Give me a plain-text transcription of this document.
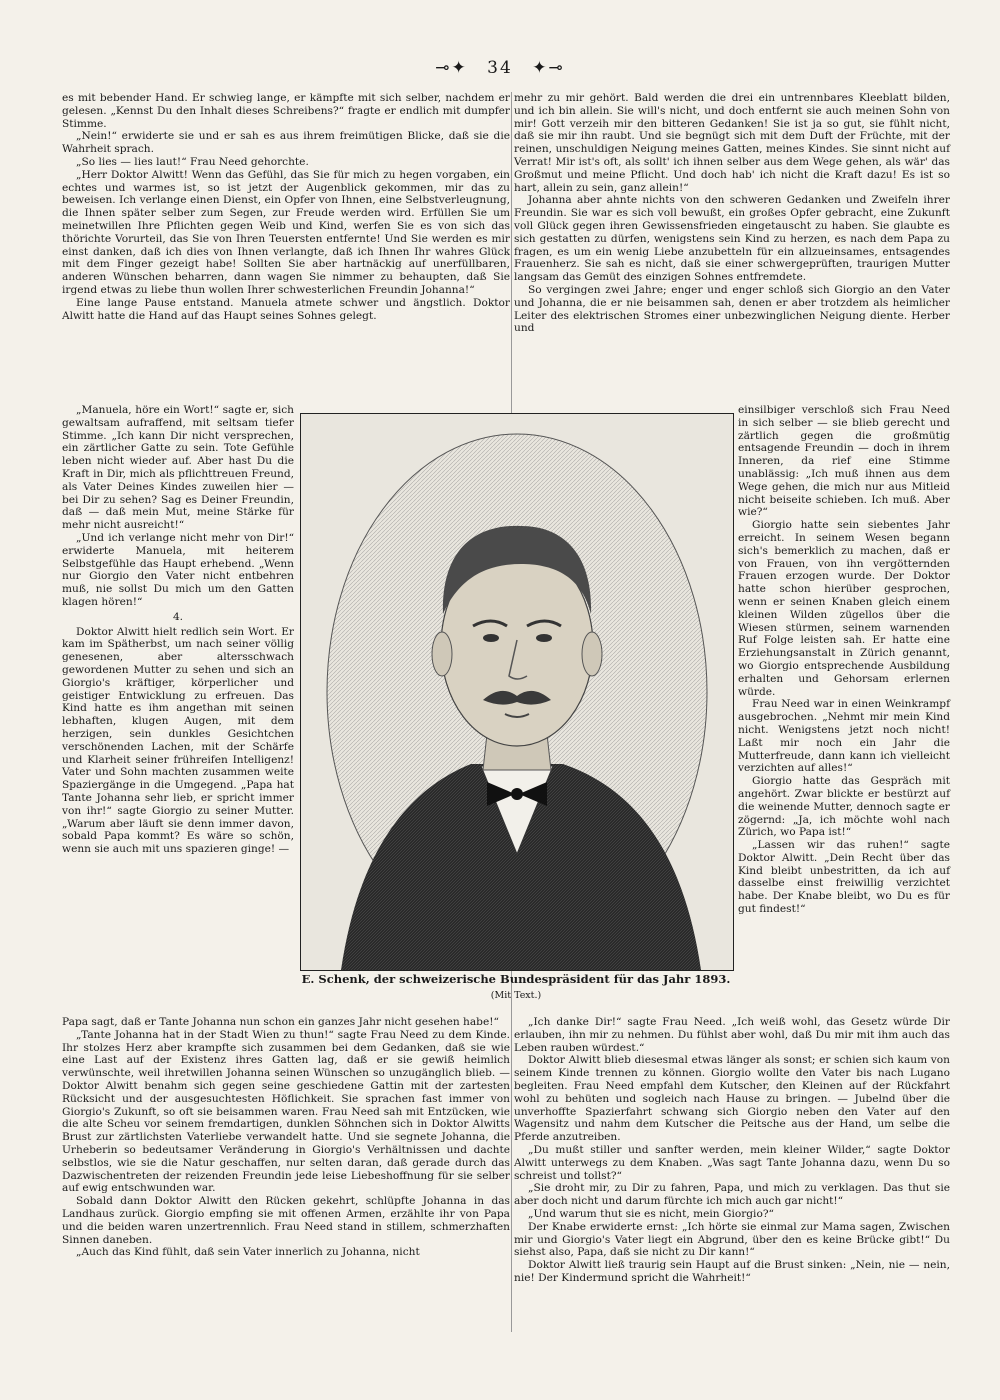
⊸✦ 34 ✦⊸

es mit bebender Hand. Er schwieg lange, er kämpfte mit sich selber, nachdem er gelesen. „Kennst Du den Inhalt dieses Schreibens?“ fragte er endlich mit dumpfer Stimme.

„Nein!“ erwiderte sie und er sah es aus ihrem freimütigen Blicke, daß sie die Wahrheit sprach.

„So lies — lies laut!“ Frau Need gehorchte.

„Herr Doktor Alwitt! Wenn das Gefühl, das Sie für mich zu hegen vorgaben, ein echtes und warmes ist, so ist jetzt der Augenblick gekommen, mir das zu beweisen. Ich verlange einen Dienst, ein Opfer von Ihnen, eine Selbstverleugnung, die Ihnen später selber zum Segen, zur Freude werden wird. Erfüllen Sie um meinetwillen Ihre Pflichten gegen Weib und Kind, werfen Sie es von sich das thörichte Vorurteil, das Sie von Ihren Teuersten entfernte! Und Sie werden es mir einst danken, daß ich dies von Ihnen verlangte, daß ich Ihnen Ihr wahres Glück mit dem Finger gezeigt habe! Sollten Sie aber hartnäckig auf unerfüllbaren, anderen Wünschen beharren, dann wagen Sie nimmer zu behaupten, daß Sie irgend etwas zu liebe thun wollen Ihrer schwesterlichen Freundin Johanna!“

Eine lange Pause entstand. Manuela atmete schwer und ängstlich. Doktor Alwitt hatte die Hand auf das Haupt seines Sohnes gelegt.

„Manuela, höre ein Wort!“ sagte er, sich gewaltsam aufraffend, mit seltsam tiefer Stimme. „Ich kann Dir nicht versprechen, ein zärtlicher Gatte zu sein. Tote Gefühle leben nicht wieder auf. Aber hast Du die Kraft in Dir, mich als pflichttreuen Freund, als Vater Deines Kindes zuweilen hier — bei Dir zu sehen? Sag es Deiner Freundin, daß — daß mein Mut, meine Stärke für mehr nicht ausreicht!“

„Und ich verlange nicht mehr von Dir!“ erwiderte Manuela, mit heiterem Selbstgefühle das Haupt erhebend. „Wenn nur Giorgio den Vater nicht entbehren muß, nie sollst Du mich um den Gatten klagen hören!“

4.

Doktor Alwitt hielt redlich sein Wort. Er kam im Spätherbst, um nach seiner völlig genesenen, aber altersschwach gewordenen Mutter zu sehen und sich an Giorgio's kräftiger, körperlicher und geistiger Entwicklung zu erfreuen. Das Kind hatte es ihm angethan mit seinen lebhaften, klugen Augen, mit dem herzigen, sein dunkles Gesichtchen verschönenden Lachen, mit der Schärfe und Klarheit seiner frühreifen Intelligenz! Vater und Sohn machten zusammen weite Spaziergänge in die Umgegend. „Papa hat Tante Johanna sehr lieb, er spricht immer von ihr!“ sagte Giorgio zu seiner Mutter. „Warum aber läuft sie denn immer davon, sobald Papa kommt? Es wäre so schön, wenn sie auch mit uns spazieren ginge! —

Papa sagt, daß er Tante Johanna nun schon ein ganzes Jahr nicht gesehen habe!“

„Tante Johanna hat in der Stadt Wien zu thun!“ sagte Frau Need zu dem Kinde. Ihr stolzes Herz aber krampfte sich zusammen bei dem Gedanken, daß sie wie eine Last auf der Existenz ihres Gatten lag, daß er sie gewiß heimlich verwünschte, weil ihretwillen Johanna seinen Wünschen so unzugänglich blieb. — Doktor Alwitt benahm sich gegen seine geschiedene Gattin mit der zartesten Rücksicht und der ausgesuchtesten Höflichkeit. Sie sprachen fast immer von Giorgio's Zukunft, so oft sie beisammen waren. Frau Need sah mit Entzücken, wie die alte Scheu vor seinem fremdartigen, dunklen Söhnchen sich in Doktor Alwitts Brust zur zärtlichsten Vaterliebe verwandelt hatte. Und sie segnete Johanna, die Urheberin so bedeutsamer Veränderung in Giorgio's Verhältnissen und dachte selbstlos, wie sie die Natur geschaffen, nur selten daran, daß gerade durch das Dazwischentreten der reizenden Freundin jede leise Liebeshoffnung für sie selber auf ewig entschwunden war.

Sobald dann Doktor Alwitt den Rücken gekehrt, schlüpfte Johanna in das Landhaus zurück. Giorgio empfing sie mit offenen Armen, erzählte ihr von Papa und die beiden waren unzertrennlich. Frau Need stand in stillem, schmerzhaften Sinnen daneben.

„Auch das Kind fühlt, daß sein Vater innerlich zu Johanna, nicht

mehr zu mir gehört. Bald werden die drei ein untrennbares Kleeblatt bilden, und ich bin allein. Sie will's nicht, und doch entfernt sie auch meinen Sohn von mir! Gott verzeih mir den bitteren Gedanken! Sie ist ja so gut, sie fühlt nicht, daß sie mir ihn raubt. Und sie begnügt sich mit dem Duft der Früchte, mit der reinen, unschuldigen Neigung meines Gatten, meines Kindes. Sie sinnt nicht auf Verrat! Mir ist's oft, als sollt' ich ihnen selber aus dem Wege gehen, als wär' das Großmut und meine Pflicht. Und doch hab' ich nicht die Kraft dazu! Es ist so hart, allein zu sein, ganz allein!“

Johanna aber ahnte nichts von den schweren Gedanken und Zweifeln ihrer Freundin. Sie war es sich voll bewußt, ein großes Opfer gebracht, eine Zukunft voll Glück gegen ihren Gewissensfrieden eingetauscht zu haben. Sie glaubte es sich gestatten zu dürfen, wenigstens sein Kind zu herzen, es nach dem Papa zu fragen, es um ein wenig Liebe anzubetteln für ein allzueinsames, entsagendes Frauenherz. Sie sah es nicht, daß sie einer schwergeprüften, traurigen Mutter langsam das Gemüt des einzigen Sohnes entfremdete.

So vergingen zwei Jahre; enger und enger schloß sich Giorgio an den Vater und Johanna, die er nie beisammen sah, denen er aber trotzdem als heimlicher Leiter des elektrischen Stromes einer unbezwinglichen Neigung diente. Herber und

einsilbiger verschloß sich Frau Need in sich selber — sie blieb gerecht und zärtlich gegen die großmütig entsagende Freundin — doch in ihrem Inneren, da rief eine Stimme unablässig: „Ich muß ihnen aus dem Wege gehen, die mich nur aus Mitleid nicht beiseite schieben. Ich muß. Aber wie?“

Giorgio hatte sein siebentes Jahr erreicht. In seinem Wesen begann sich's bemerklich zu machen, daß er von Frauen, von ihn vergötternden Frauen erzogen wurde. Der Doktor hatte schon hierüber gesprochen, wenn er seinen Knaben gleich einem kleinen Wilden zügellos über die Wiesen stürmen, seinem warnenden Ruf Folge leisten sah. Er hatte eine Erziehungsanstalt in Zürich genannt, wo Giorgio entsprechende Ausbildung erhalten und Gehorsam erlernen würde.

Frau Need war in einen Weinkrampf ausgebrochen. „Nehmt mir mein Kind nicht. Wenigstens jetzt noch nicht! Laßt mir noch ein Jahr die Mutterfreude, dann kann ich vielleicht verzichten auf alles!“

Giorgio hatte das Gespräch mit angehört. Zwar blickte er bestürzt auf die weinende Mutter, dennoch sagte er zögernd: „Ja, ich möchte wohl nach Zürich, wo Papa ist!“

„Lassen wir das ruhen!“ sagte Doktor Alwitt. „Dein Recht über das Kind bleibt unbestritten, da ich auf dasselbe einst freiwillig verzichtet habe. Der Knabe bleibt, wo Du es für gut findest!“

„Ich danke Dir!“ sagte Frau Need. „Ich weiß wohl, das Gesetz würde Dir erlauben, ihn mir zu nehmen. Du fühlst aber wohl, daß Du mir mit ihm auch das Leben rauben würdest.“

Doktor Alwitt blieb diesesmal etwas länger als sonst; er schien sich kaum von seinem Kinde trennen zu können. Giorgio wollte den Vater bis nach Lugano begleiten. Frau Need empfahl dem Kutscher, den Kleinen auf der Rückfahrt wohl zu behüten und sogleich nach Hause zu bringen. — Jubelnd über die unverhoffte Spazierfahrt schwang sich Giorgio neben den Vater auf den Wagensitz und nahm dem Kutscher die Peitsche aus der Hand, um selbe die Pferde anzutreiben.

„Du mußt stiller und sanfter werden, mein kleiner Wilder,“ sagte Doktor Alwitt unterwegs zu dem Knaben. „Was sagt Tante Johanna dazu, wenn Du so schreist und tollst?“

„Sie droht mir, zu Dir zu fahren, Papa, und mich zu verklagen. Das thut sie aber doch nicht und darum fürchte ich mich auch gar nicht!“

„Und warum thut sie es nicht, mein Giorgio?“

Der Knabe erwiderte ernst: „Ich hörte sie einmal zur Mama sagen, Zwischen mir und Giorgio's Vater liegt ein Abgrund, über den es keine Brücke gibt!“ Du siehst also, Papa, daß sie nicht zu Dir kann!“

Doktor Alwitt ließ traurig sein Haupt auf die Brust sinken: „Nein, nie — nein, nie! Der Kindermund spricht die Wahrheit!“

E. Schenk, der schweizerische Bundespräsident für das Jahr 1893.
(Mit Text.)
